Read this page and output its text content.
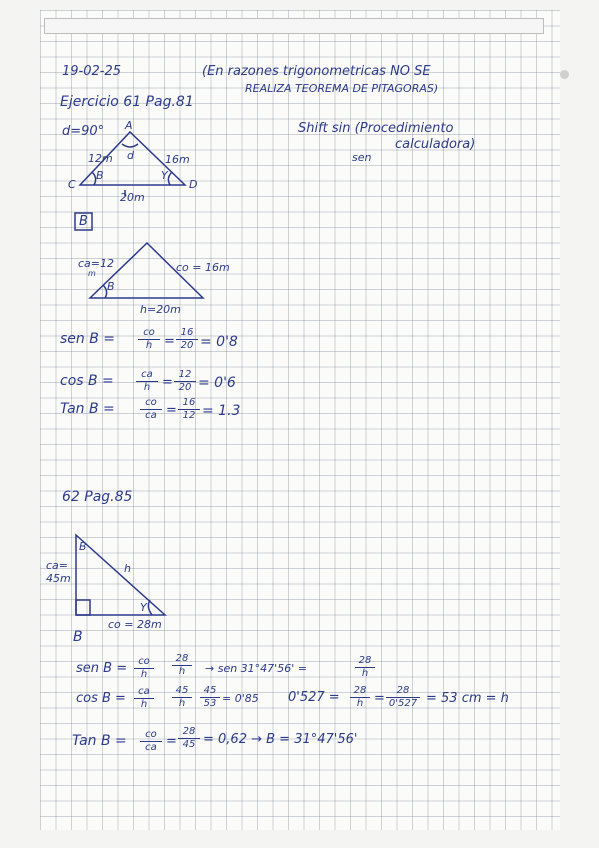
19-02-25	(En razones trigonometricas NO SE
REALIZA TEOREMA DE PITAGORAS)
Ejercicio 61 Pag.81
d=90° A
d
12m	16m
C
B	Y
D
20m
Shift sin (Procedimiento
calculadora)
sen
B
ca=12
m	co = 16m
B
h=20m
sen $B = \frac{co}{h} = \frac{16}{20} = 0'8$
$\cos B = \frac{ca}{h} = \frac{12}{20} = 0'6$
Tan B =	$\frac{co}{ca} = \frac{16}{12} = 1.3$
62 Pag.85
B
ca=
45m
h
Y
co = 28m
B
sen $B = \frac{co}{h} \frac{28}{h}$ → sen 31°47'56' =	$\frac{28}{h}$
$\cos B = \frac{ca}{h} \frac{45}{h} \frac{45}{53} = 0'85$ $0'527 = \frac{28}{h} = \frac{28}{0'527} = 53$ cm = h
Tan $B = \frac{co}{ca} = \frac{28}{45} = 0,62 \to B = 31^\circ 47'56'$
